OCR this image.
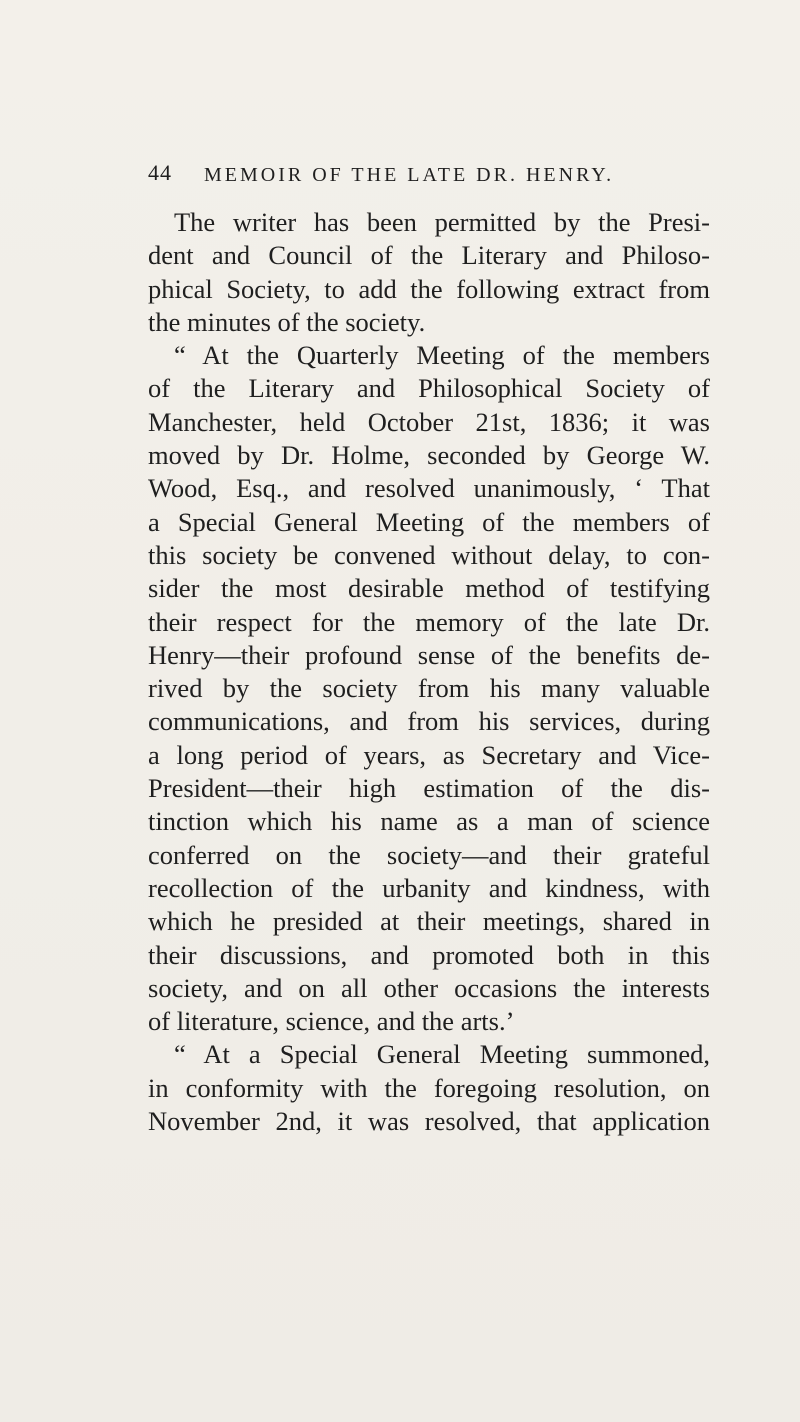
44 MEMOIR OF THE LATE DR. HENRY.
The writer has been permitted by the Presi-
dent and Council of the Literary and Philoso-
phical Society, to add the following extract from
the minutes of the society.
“ At the Quarterly Meeting of the members
of the Literary and Philosophical Society of
Manchester, held October 21st, 1836; it was
moved by Dr. Holme, seconded by George W.
Wood, Esq., and resolved unanimously, ‘ That
a Special General Meeting of the members of
this society be convened without delay, to con-
sider the most desirable method of testifying
their respect for the memory of the late Dr.
Henry—their profound sense of the benefits de-
rived by the society from his many valuable
communications, and from his services, during
a long period of years, as Secretary and Vice-
President—their high estimation of the dis-
tinction which his name as a man of science
conferred on the society—and their grateful
recollection of the urbanity and kindness, with
which he presided at their meetings, shared in
their discussions, and promoted both in this
society, and on all other occasions the interests
of literature, science, and the arts.’
“ At a Special General Meeting summoned,
in conformity with the foregoing resolution, on
November 2nd, it was resolved, that application
